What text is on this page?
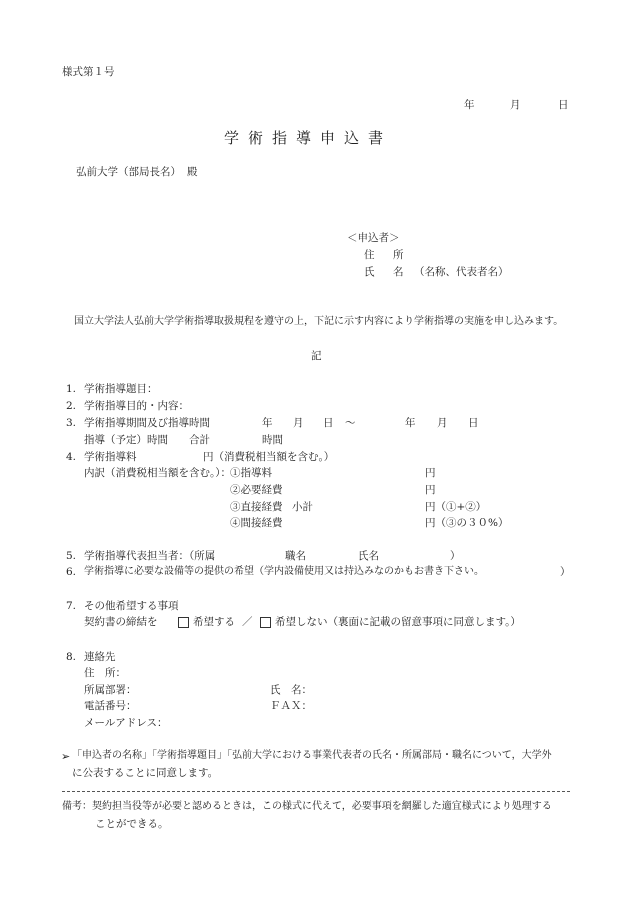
様式第１号
年	月	日
学術指導申込書
弘前大学（部局長名） 殿
＜申込者＞
住 所
氏 名 （名称、代表者名）
国立大学法人弘前大学学術指導取扱規程を遵守の上，下記に示す内容により学術指導の実施を申し込みます。
記
1. 学術指導題目：
2. 学術指導目的・内容：
3. 学術指導期間及び指導時間	年 月 日 ～	年 月 日
指導（予定）時間 合計	時間
4. 学術指導料	円（消費税相当額を含む。）
内訳（消費税相当額を含む。）： ①指導料	円
②必要経費	円
③直接経費 小計	円（①+②）
④間接経費	円（③の３０%）
5. 学術指導代表担当者：（所属	職名	氏名	）
6. 学術指導に必要な設備等の提供の希望（学内設備使用又は持込みなのかもお書き下さい。	）
7. その他希望する事項
契約書の締結を	希望する ／ 希望しない（裏面に記載の留意事項に同意します。）
8. 連絡先
住　所：
所属部署：	氏　名：
電話番号：	ＦＡＸ：
メールアドレス：
➢ 「申込者の名称」「学術指導題目」「弘前大学における事業代表者の氏名・所属部局・職名について，大学外
に公表することに同意します。
備考：契約担当役等が必要と認めるときは，この様式に代えて，必要事項を網羅した適宜様式により処理する
ことができる。
